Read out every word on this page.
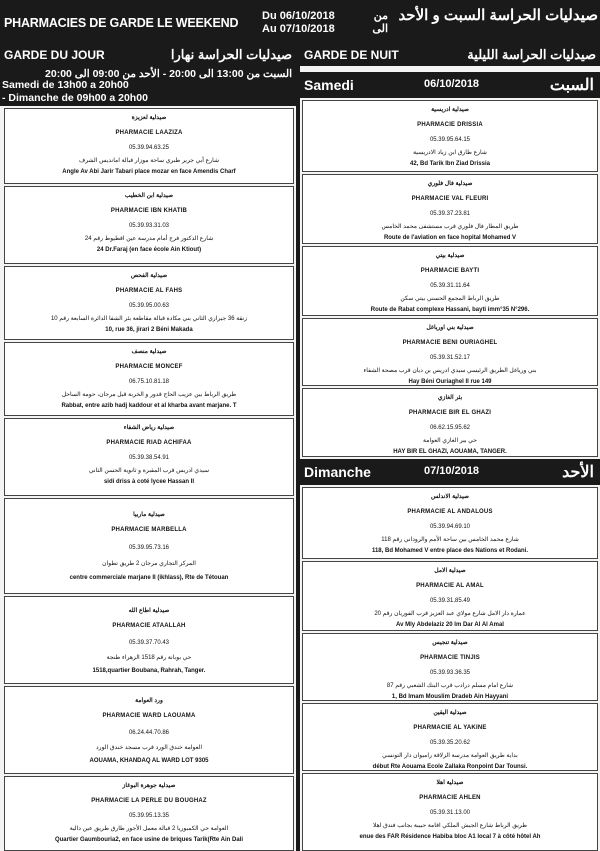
PHARMACIES DE GARDE LE WEEKEND Du 06/10/2018
Au 07/10/2018
من
الى
صيدليات الحراسة السبت و الأحد
GARDE DU JOUR	صيدليات الحراسة نهارا GARDE DE NUIT	صيدليات الحراسة الليلية
السبت من 13:00 الى 20:00 - الأحد من 09:00 الى 20:00
Samedi de 13h00 a 20h00
- Dimanche de 09h00 a 20h00
Samedi	06/10/2018	السبت
Dimanche	07/10/2018	الأحد
صيدلية لعزيزة
PHARMACIE LAAZIZA
05.39.94.63.25
شارع أبي جرير طبري ساحة موزار قبالة امانديس الشرف
Angle Av Abi Jarir Tabari place mozar en face Amendis Charf
صيدلية ابن الخطيب
PHARMACIE IBN KHATIB
05.39.93.31.03
شارع الدكتور فرج أمام مدرسة عين اقطيوط رقم 24
24 Dr.Faraj (en face école Ain Ktiout)
صيدلية الفحص
PHARMACIE AL FAHS
05.39.95.00.63
زنقة 36 جيراري الثاني بني مكادة قبالة مقاطعة بئر الشفا الدائرة السابعة رقم 10
10, rue 36, jirari 2 Béni Makada
صيدلية منصف
PHARMACIE MONCEF
06.75.10.81.18
طريق الرباط بين عزيب الحاج قدور و الخربة قبل مرجان، حومة الساحل
Rabbat, entre azib hadj kaddour et al kharba avant marjane. T
صيدلية رياض الشفاء
PHARMACIE RIAD ACHIFAA
05.39.38.54.91
سيدي ادريس قرب المقبرة و ثانوية الحسن الثاني
sidi driss à coté lycee Hassan II
صيدلية ماربيا
PHARMACIE MARBELLA
05.39.95.73.16
المركز التجاري مرجان 2 طريق تطوان
centre commerciale marjane II (ikhlass), Rte de Tétouan
صيدلية اطاع الله
PHARMACIE ATAALLAH
05.39.37.70.43
حي بوبانة رقم 1518 الزهراء طنجة
1518,quartier Boubana, Rahrah, Tanger.
ورد العوامة
PHARMACIE WARD LAOUAMA
06.24.44.70.86
العوامة خندق الورد قرب مسجد خندق الورد
AOUAMA, KHANDAQ AL WARD LOT 9305
صيدلية جوهرة البوغاز
PHARMACIE LA PERLE DU BOUGHAZ
05.39.95.13.35
العوامة حي الكمبوريا 2 قبالة معمل الأجور طارق طريق عين دالية
Quartier Gaumbouria2, en face usine de briques Tarik(Rte Ain Dali
صيدلية ادريسية
PHARMACIE DRISSIA
05.39.95.64.15
شارع طارق ابن زياد الادريسية
42, Bd Tarik Ibn Ziad Drissia
صيدلية فال فلوري
PHARMACIE VAL FLEURI
05.39.37.23.81
طريق المطار فال فلوري قرب مستشفى محمد الخامس
Route de l'aviation en face hopital Mohamed V
صيدلية بيتي
PHARMACIE BAYTI
05.39.31.11.64
طريق الرباط المجمع الحسني بيتي سكن
Route de Rabat complexe Hassani, bayti imm°35 N°296.
صيدلية بني اورياغل
PHARMACIE BENI OURIAGHEL
05.39.31.52.17
بني ورياغل الطريق الرئيسي سيدي ادريس بن ديان قرب مصحة الشفاء
Hay Béni Ouriaghel II rue 149
بئر الغازي
PHARMACIE BIR EL GHAZI
06.62.15.95.62
حي بير الغازي العوامة
HAY BIR EL GHAZI, AOUAMA, TANGER.
صيدلية الاندلس
PHARMACIE AL ANDALOUS
05.39.94.69.10
شارع محمد الخامس بين ساحة الأمم والروداني رقم 118
118, Bd Mohamed V entre place des Nations et Rodani.
صيدلية الامل
PHARMACIE AL AMAL
05.39.31.85.49
عمارة دار الامل شارع مولاي عبد العزيز قرب الفوريان رقم 20
Av Mly Abdelaziz 20 Im Dar Al Al Amal
صيدلية تنجيس
PHARMACIE TINJIS
05.39.93.36.35
شارع امام مسلم درادب قرب البنك الشعبي رقم 87
1, Bd Imam Mouslim Dradeb Ain Hayyani
صيدلية اليقين
PHARMACIE AL YAKINE
05.39.35.20.62
بداية طريق العوامة مدرسة الزلاقة راميوان دار التونسي
début Rte Aouama Ecole Zallaka Ronpoint Dar Tounsi.
صيدلية اهلا
PHARMACIE AHLEN
05.39.31.13.00
طريق الرباط شارع الجيش الملكي اقامة حبيبة بجانب فندق اهلا
enue des FAR Résidence Habiba bloc A1 local 7 à côté hôtel Ah
